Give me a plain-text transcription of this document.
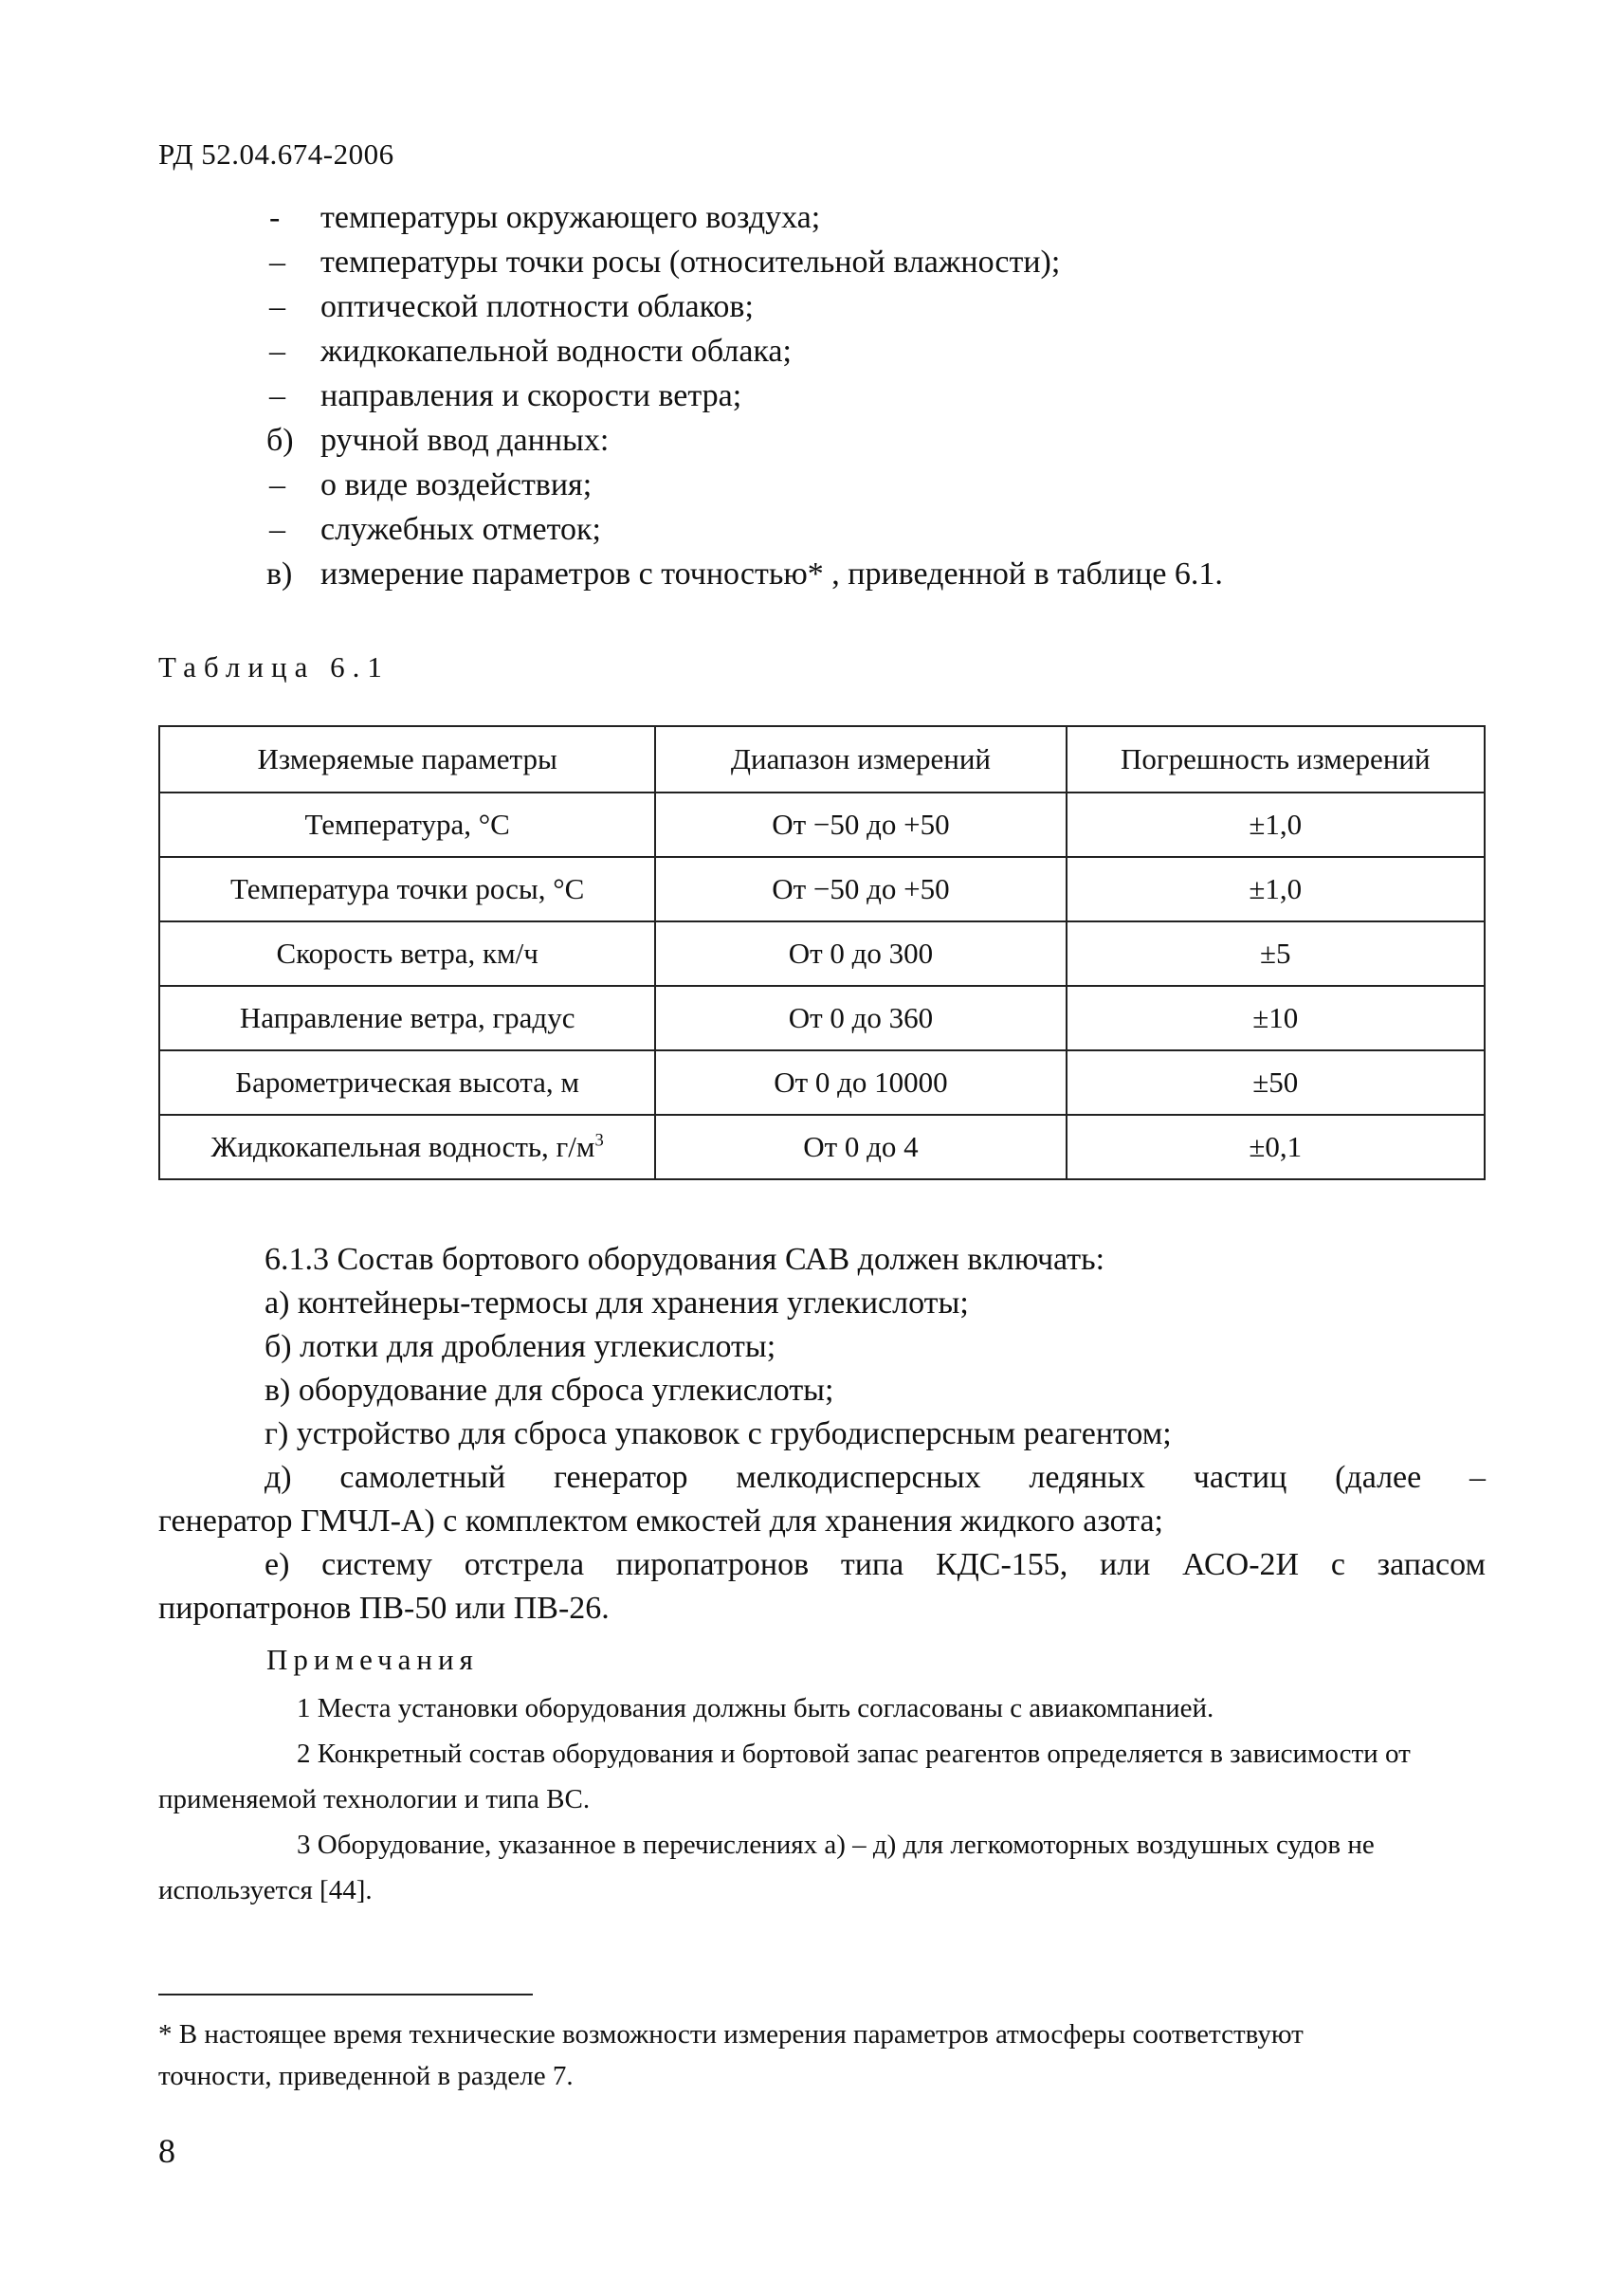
РД 52.04.674-2006
-	температуры окружающего воздуха;
–	температуры точки росы (относительной влажности);
–	оптической плотности облаков;
–	жидкокапельной водности облака;
–	направления и скорости ветра;
б) ручной ввод данных:
–	о виде воздействия;
–	служебных отметок;
в) измерение параметров с точностью* , приведенной в таблице 6.1.
Таблица 6.1
Измеряемые параметры	Диапазон измерений	Погрешность измерений
Температура, °С	От −50 до +50	±1,0
Температура точки росы, °С	От −50 до +50	±1,0
Скорость ветра, км/ч	От 0 до 300	±5
Направление ветра, градус	От 0 до 360	±10
Барометрическая высота, м	От 0 до 10000	±50
Жидкокапельная водность, $г/м^3$	От 0 до 4	±0,1
6.1.3 Состав бортового оборудования САВ должен включать:
а) контейнеры-термосы для хранения углекислоты;
б) лотки для дробления углекислоты;
в) оборудование для сброса углекислоты;
г) устройство для сброса упаковок с грубодисперсным реагентом;
д) самолетный генератор мелкодисперсных ледяных частиц (далее –
генератор ГМЧЛ-А) с комплектом емкостей для хранения жидкого азота;
е) систему отстрела пиропатронов типа КДС-155, или АСО-2И с запасом
пиропатронов ПВ-50 или ПВ-26.
Примечания
1 Места установки оборудования должны быть согласованы с авиакомпанией.
2 Конкретный состав оборудования и бортовой запас реагентов определяется в зависимости от
применяемой технологии и типа ВС.
3 Оборудование, указанное в перечислениях а) – д) для легкомоторных воздушных судов не
используется [44].
* В настоящее время технические возможности измерения параметров атмосферы соответствуют
точности, приведенной в разделе 7.
8
